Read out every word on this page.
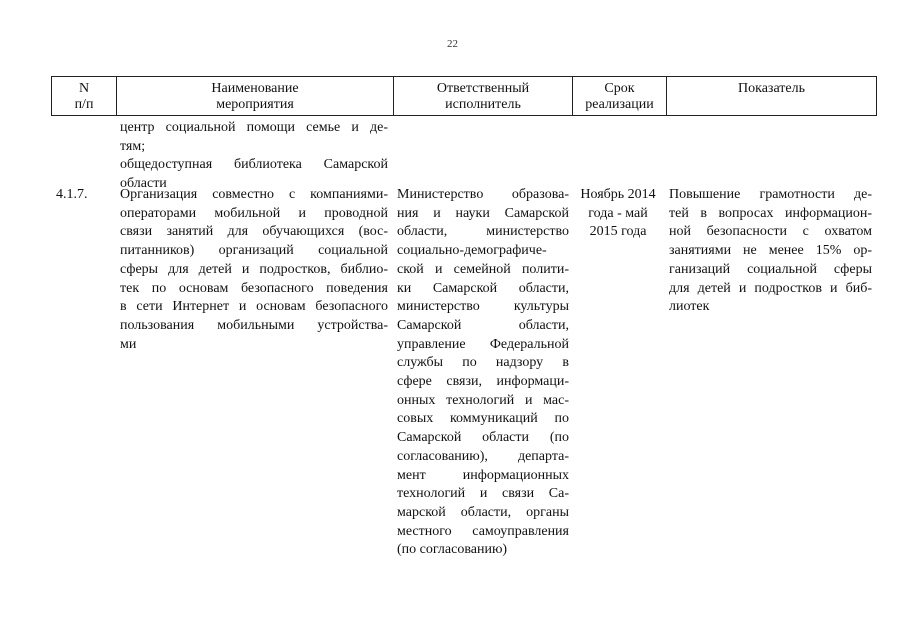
22
N
п/п
Наименование
мероприятия
Ответственный
исполнитель
Срок
реализации
Показатель
центр социальной помощи семье и де-
тям;
общедоступная библиотека Самарской
области
4.1.7.	Организация совместно с компаниями-
операторами мобильной и проводной
связи занятий для обучающихся (вос-
питанников) организаций социальной
сферы для детей и подростков, библио-
тек по основам безопасного поведения
в сети Интернет и основам безопасного
пользования мобильными устройства-
ми
Министерство образова-
ния и науки Самарской
области, министерство
социально-демографиче-
ской и семейной полити-
ки Самарской области,
министерство культуры
Самарской области,
управление Федеральной
службы по надзору в
сфере связи, информаци-
онных технологий и мас-
совых коммуникаций по
Самарской области (по
согласованию), департа-
мент информационных
технологий и связи Са-
марской области, органы
местного самоуправления
(по согласованию)
Ноябрь 2014
года - май
2015 года
Повышение грамотности де-
тей в вопросах информацион-
ной безопасности с охватом
занятиями не менее 15% ор-
ганизаций социальной сферы
для детей и подростков и биб-
лиотек
